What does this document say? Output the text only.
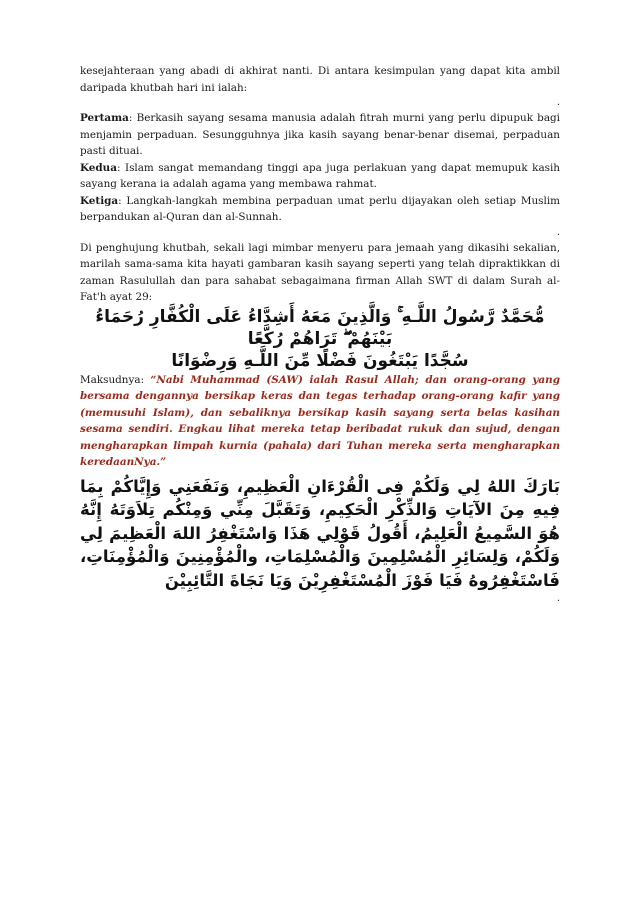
kesejahteraan yang abadi di akhirat nanti. Di antara kesimpulan yang dapat kita ambil daripada khutbah hari ini ialah:

.

Pertama: Berkasih sayang sesama manusia adalah fitrah murni yang perlu dipupuk bagi menjamin perpaduan. Sesungguhnya jika kasih sayang benar-benar disemai, perpaduan pasti dituai.

Kedua: Islam sangat memandang tinggi apa juga perlakuan yang dapat memupuk kasih sayang kerana ia adalah agama yang membawa rahmat.

Ketiga: Langkah-langkah membina perpaduan umat perlu dijayakan oleh setiap Muslim berpandukan al-Quran dan al-Sunnah.

.

Di penghujung khutbah, sekali lagi mimbar menyeru para jemaah yang dikasihi sekalian, marilah sama-sama kita hayati gambaran kasih sayang seperti yang telah dipraktikkan di zaman Rasulullah dan para sahabat sebagaimana firman Allah SWT di dalam Surah al-Fat'h ayat 29:

مُّحَمَّدٌ رَّسُولُ اللَّـهِ ۚ وَالَّذِينَ مَعَهُ أَشِدَّاءُ عَلَى الْكُفَّارِ رُحَمَاءُ بَيْنَهُمْ ۖ تَرَاهُمْ رُكَّعًا
سُجَّدًا يَبْتَغُونَ فَضْلًا مِّنَ اللَّـهِ وَرِضْوَانًا

Maksudnya: “Nabi Muhammad (SAW) ialah Rasul Allah; dan orang-orang yang bersama dengannya bersikap keras dan tegas terhadap orang-orang kafir yang (memusuhi Islam), dan sebaliknya bersikap kasih sayang serta belas kasihan sesama sendiri. Engkau lihat mereka tetap beribadat rukuk dan sujud, dengan mengharapkan limpah kurnia (pahala) dari Tuhan mereka serta mengharapkan keredaanNya.”

بَارَكَ اللهُ لِي وَلَكُمْ فِى الْقُرْءَانِ الْعَظِيمِ، وَنَفَعَنِي وَإِيَّاكُمْ بِمَا فِيهِ مِنَ الآيَاتِ وَالذِّكْرِ الْحَكِيمِ، وَتَقَبَّلَ مِنِّي وَمِنْكُم تِلاَوَتَهُ إِنَّهُ هُوَ السَّمِيعُ الْعَلِيمُ، أَقُولُ قَوْلِي هَذَا وَاسْتَغْفِرُ اللهَ الْعَظِيمَ لِي وَلَكُمْ، وَلِسَائِرِ الْمُسْلِمِينَ وَالْمُسْلِمَاتِ، والْمُؤْمِنِينَ وَالْمُؤْمِنَاتِ، فَاسْتَغْفِرُوهُ فَيَا فَوْزَ الْمُسْتَغْفِرِيْنَ وَيَا نَجَاةَ التَّائِبِيْنَ
.
